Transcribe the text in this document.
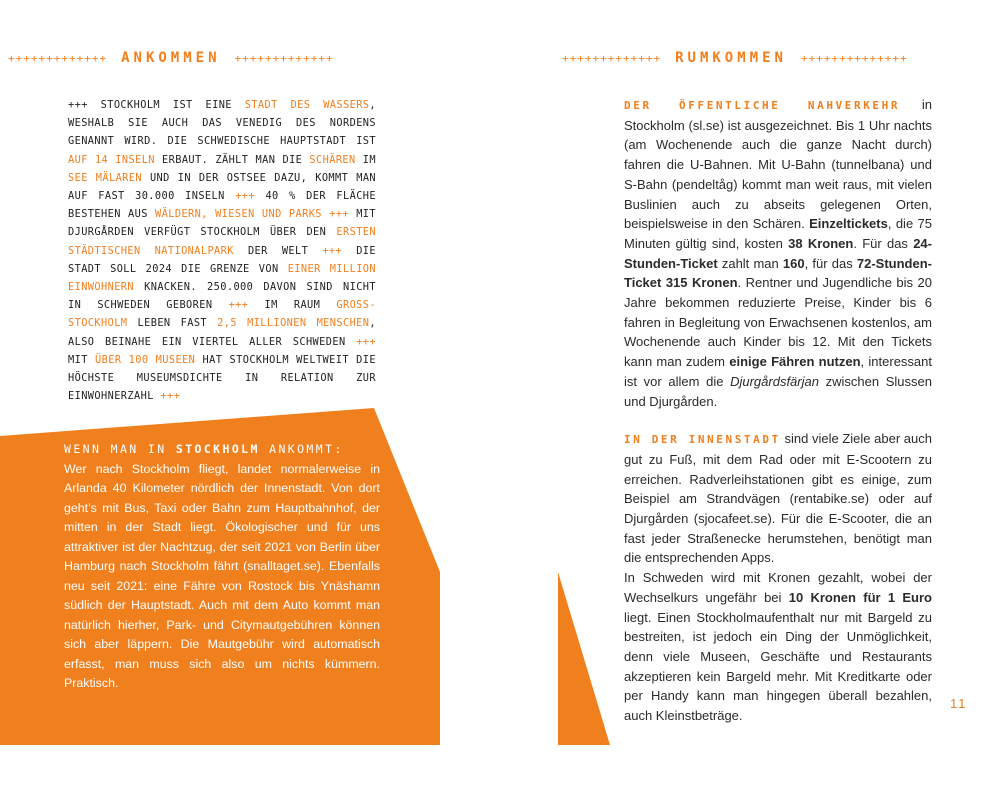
+++++++++++++ ANKOMMEN +++++++++++++
+++ STOCKHOLM IST EINE STADT DES WASSERS, WESHALB SIE AUCH DAS VENEDIG DES NORDENS GENANNT WIRD. DIE SCHWEDISCHE HAUPTSTADT IST AUF 14 INSELN ERBAUT. ZÄHLT MAN DIE SCHÄREN IM SEE MÄLAREN UND IN DER OSTSEE DAZU, KOMMT MAN AUF FAST 30.000 INSELN +++ 40 % DER FLÄCHE BESTEHEN AUS WÄLDERN, WIESEN UND PARKS +++ MIT DJURGÅRDEN VERFÜGT STOCKHOLM ÜBER DEN ERSTEN STÄDTISCHEN NATIONALPARK DER WELT +++ DIE STADT SOLL 2024 DIE GRENZE VON EINER MILLION EINWOHNERN KNACKEN. 250.000 DAVON SIND NICHT IN SCHWEDEN GEBOREN +++ IM RAUM GROSS-STOCKHOLM LEBEN FAST 2,5 MILLIONEN MENSCHEN, ALSO BEINAHE EIN VIERTEL ALLER SCHWEDEN +++ MIT ÜBER 100 MUSEEN HAT STOCKHOLM WELTWEIT DIE HÖCHSTE MUSEUMSDICHTE IN RELATION ZUR EINWOHNERZAHL +++
WENN MAN IN STOCKHOLM ANKOMMT:
Wer nach Stockholm fliegt, landet normalerweise in Arlanda 40 Kilometer nördlich der Innenstadt. Von dort geht’s mit Bus, Taxi oder Bahn zum Hauptbahnhof, der mitten in der Stadt liegt. Ökologischer und für uns attraktiver ist der Nachtzug, der seit 2021 von Berlin über Hamburg nach Stockholm fährt (snalltaget.se). Ebenfalls neu seit 2021: eine Fähre von Rostock bis Ynäshamn südlich der Hauptstadt. Auch mit dem Auto kommt man natürlich hierher, Park- und Citymautgebühren können sich aber läppern. Die Mautgebühr wird automatisch erfasst, man muss sich also um nichts kümmern. Praktisch.
+++++++++++++ RUMKOMMEN ++++++++++++++

DER ÖFFENTLICHE NAHVERKEHR in Stockholm (sl.se) ist ausgezeichnet. Bis 1 Uhr nachts (am Wochenende auch die ganze Nacht durch) fahren die U-Bahnen. Mit U-Bahn (tunnelbana) und S-Bahn (pendeltåg) kommt man weit raus, mit vielen Buslinien auch zu abseits gelegenen Orten, beispielsweise in den Schären. Einzeltickets, die 75 Minuten gültig sind, kosten 38 Kronen. Für das 24-Stunden-Ticket zahlt man 160, für das 72-Stunden-Ticket 315 Kronen. Rentner und Jugendliche bis 20 Jahre bekommen reduzierte Preise, Kinder bis 6 fahren in Begleitung von Erwachsenen kostenlos, am Wochenende auch Kinder bis 12. Mit den Tickets kann man zudem einige Fähren nutzen, interessant ist vor allem die Djurgårdsfärjan zwischen Slussen und Djurgården.

IN DER INNENSTADT sind viele Ziele aber auch gut zu Fuß, mit dem Rad oder mit E-Scootern zu erreichen. Radverleihstationen gibt es einige, zum Beispiel am Strandvägen (rentabike.se) oder auf Djurgården (sjocafeet.se). Für die E-Scooter, die an fast jeder Straßenecke herumstehen, benötigt man die entsprechenden Apps.

In Schweden wird mit Kronen gezahlt, wobei der Wechselkurs ungefähr bei 10 Kronen für 1 Euro liegt. Einen Stockholmaufenthalt nur mit Bargeld zu bestreiten, ist jedoch ein Ding der Unmöglichkeit, denn viele Museen, Geschäfte und Restaurants akzeptieren kein Bargeld mehr. Mit Kreditkarte oder per Handy kann man hingegen überall bezahlen, auch Kleinstbeträge.

11
